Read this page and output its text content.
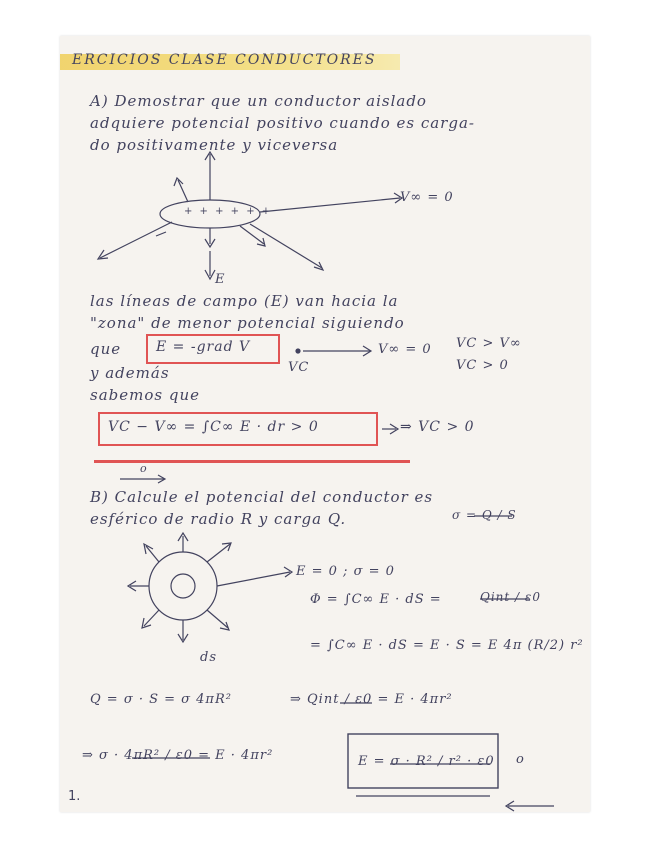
ERCICIOS CLASE CONDUCTORES
A) Demostrar que un conductor aislado
adquiere potencial positivo cuando es carga-
do positivamente y viceversa
V∞ = 0
+ + + + + +
E
las líneas de campo (E) van hacia la
"zona" de menor potencial siguiendo
que E = -grad V	V∞ = 0
VC
VC > V∞
VC > 0
y además
sabemos que
VC − V∞ = ∫C∞ E · dr > 0	⇒ VC > 0
o
B) Calcule el potencial del conductor es
esférico de radio R y carga Q.	σ = Q / S
E = 0 ; σ = 0
Φ = ∫C∞ E · dS =	Qint / ε0
= ∫C∞ E · dS = E · S = E 4π (R/2) r²
ds
Q = σ · S = σ 4πR²	⇒ Qint / ε0 = E · 4πr²
⇒ σ · 4πR² / ε0 = E · 4πr²	E = σ · R² / r² · ε0 o
1.
